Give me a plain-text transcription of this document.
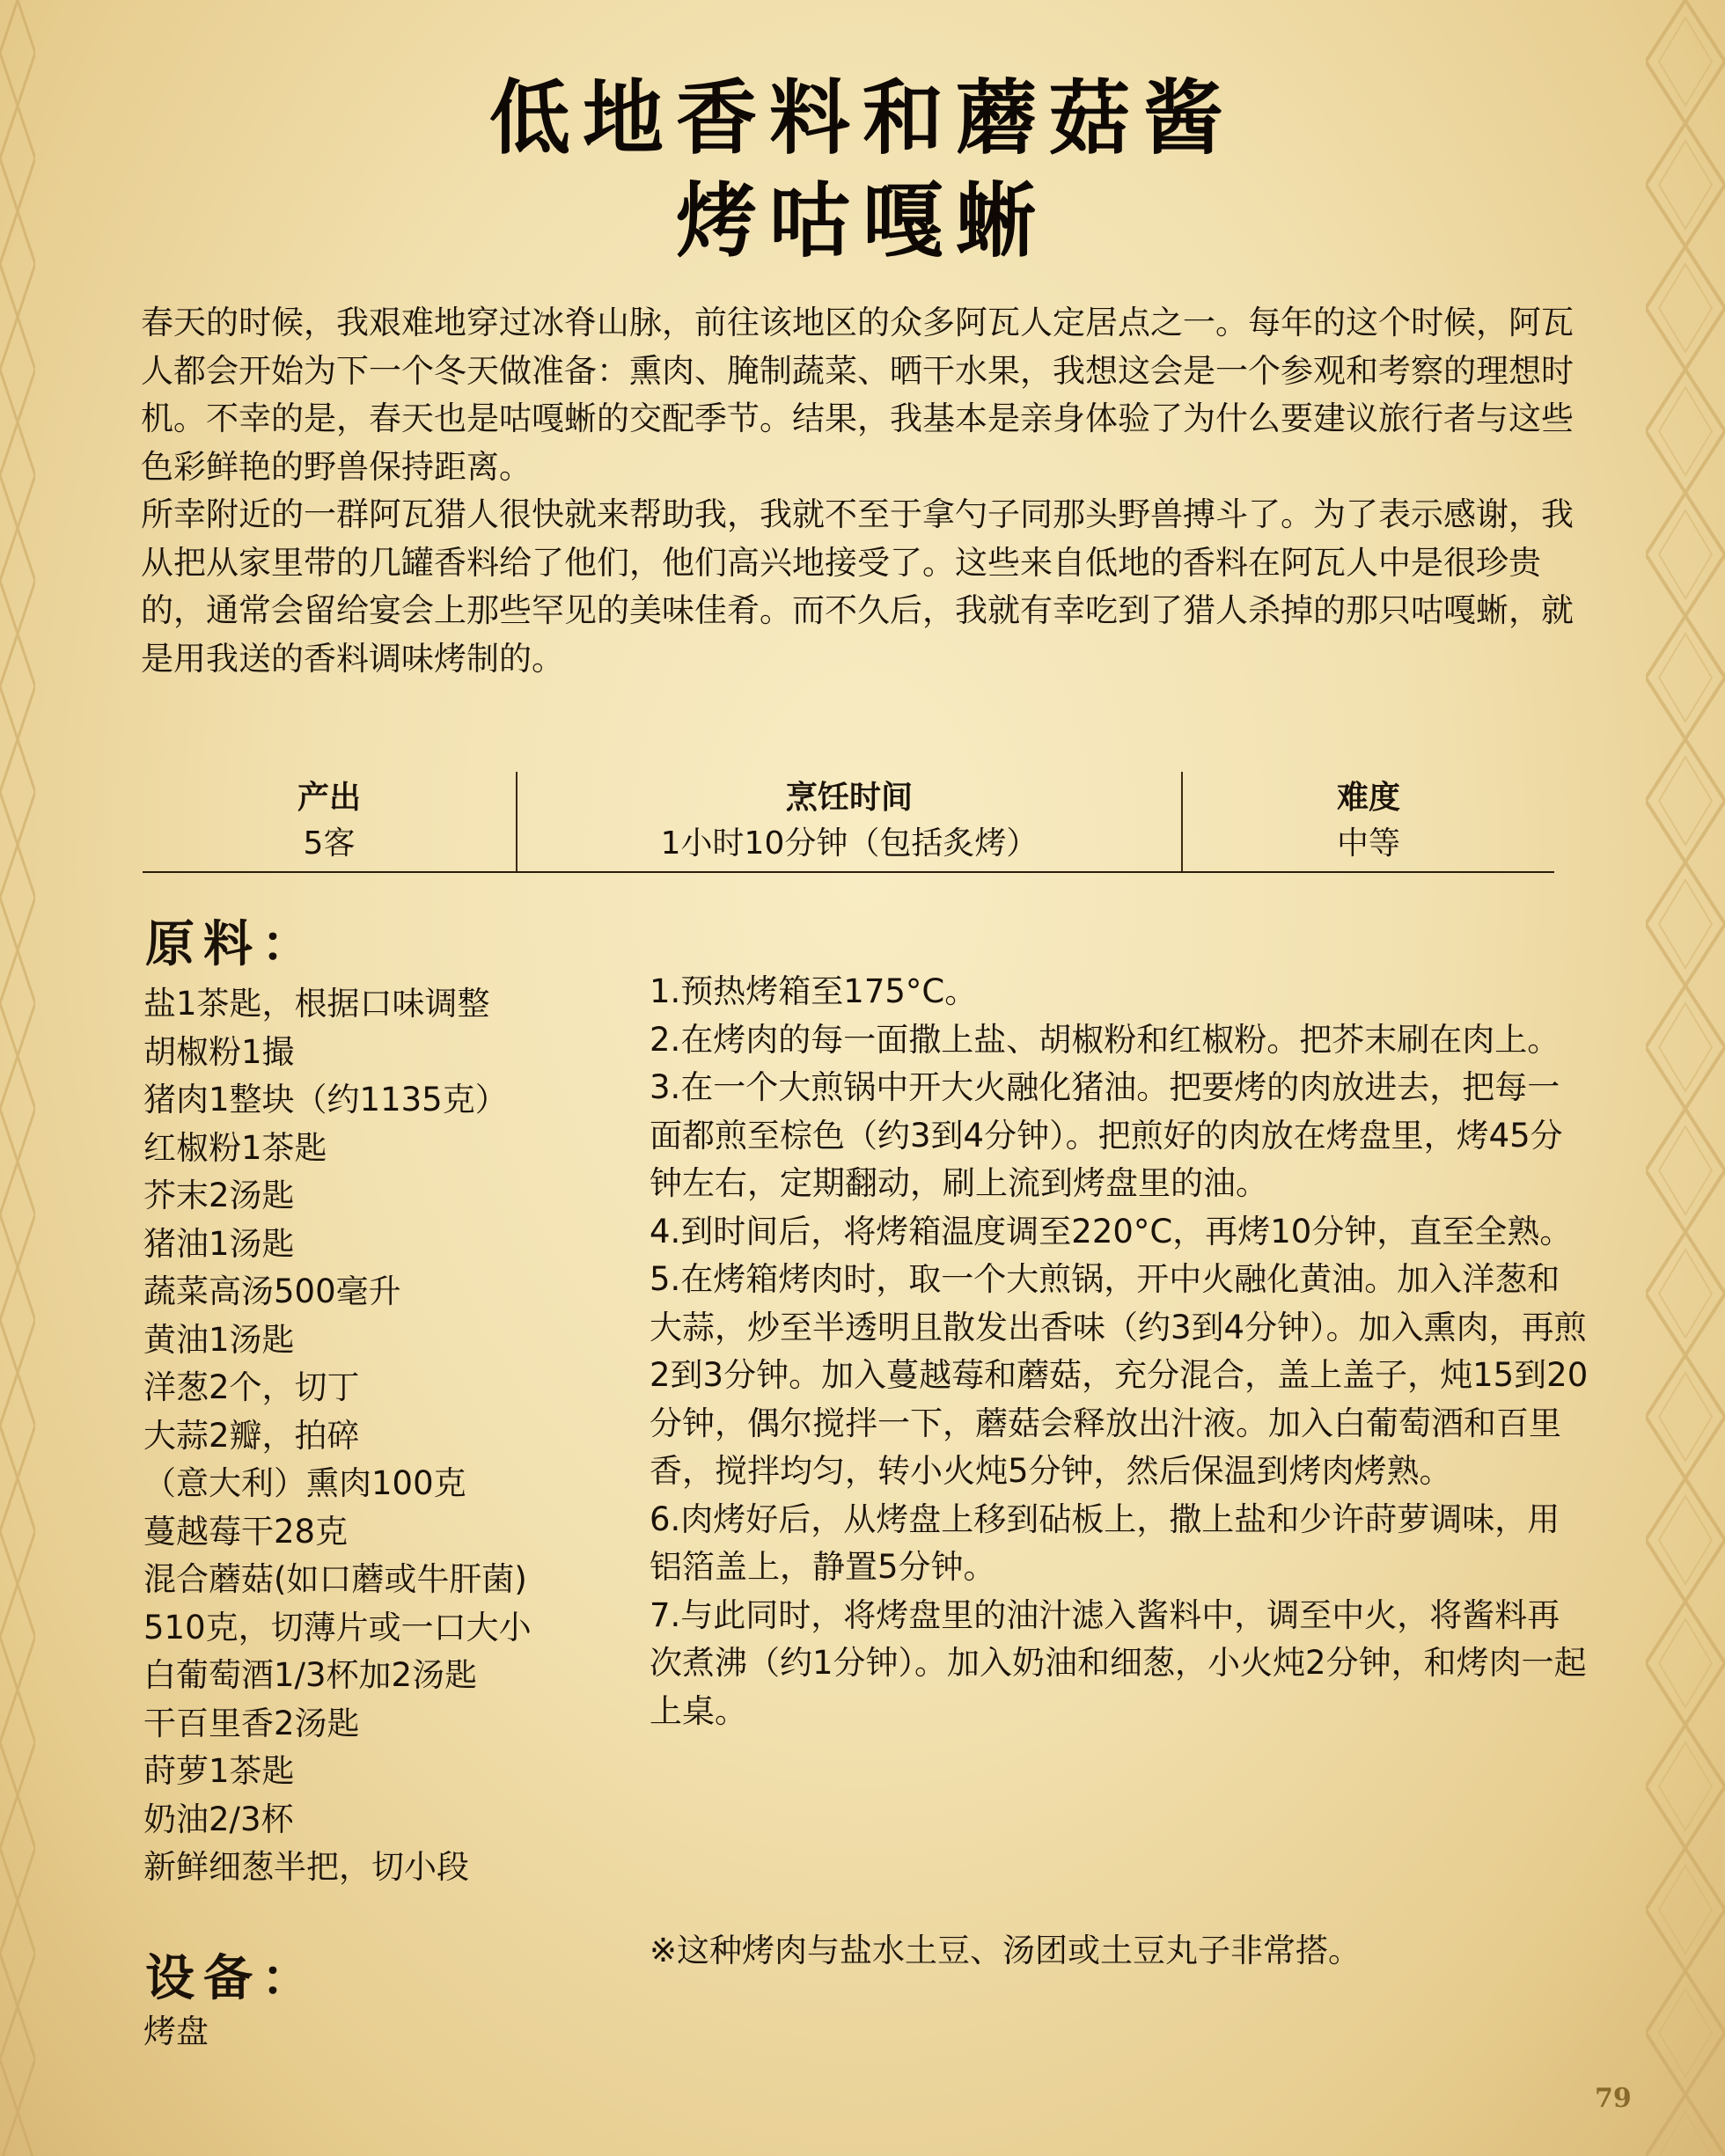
低地香料和蘑菇酱
烤咕嘎蜥

春天的时候，我艰难地穿过冰脊山脉，前往该地区的众多阿瓦人定居点之一。每年的这个时候，阿瓦人都会开始为下一个冬天做准备：熏肉、腌制蔬菜、晒干水果，我想这会是一个参观和考察的理想时机。不幸的是，春天也是咕嘎蜥的交配季节。结果，我基本是亲身体验了为什么要建议旅行者与这些色彩鲜艳的野兽保持距离。

所幸附近的一群阿瓦猎人很快就来帮助我，我就不至于拿勺子同那头野兽搏斗了。为了表示感谢，我从把从家里带的几罐香料给了他们，他们高兴地接受了。这些来自低地的香料在阿瓦人中是很珍贵的，通常会留给宴会上那些罕见的美味佳肴。而不久后，我就有幸吃到了猎人杀掉的那只咕嘎蜥，就是用我送的香料调味烤制的。

产出
5客
烹饪时间
1小时10分钟（包括炙烤）
难度
中等
原料：
盐1茶匙，根据口味调整
胡椒粉1撮
猪肉1整块（约1135克）
红椒粉1茶匙
芥末2汤匙
猪油1汤匙
蔬菜高汤500毫升
黄油1汤匙
洋葱2个，切丁
大蒜2瓣，拍碎
（意大利）熏肉100克
蔓越莓干28克
混合蘑菇(如口蘑或牛肝菌)
510克，切薄片或一口大小
白葡萄酒1/3杯加2汤匙
干百里香2汤匙
莳萝1茶匙
奶油2/3杯
新鲜细葱半把，切小段
设备：
烤盘
1.预热烤箱至175°C。
2.在烤肉的每一面撒上盐、胡椒粉和红椒粉。把芥末刷在肉上。
3.在一个大煎锅中开大火融化猪油。把要烤的肉放进去，把每一面都煎至棕色（约3到4分钟）。把煎好的肉放在烤盘里，烤45分钟左右，定期翻动，刷上流到烤盘里的油。
4.到时间后，将烤箱温度调至220°C，再烤10分钟，直至全熟。
5.在烤箱烤肉时，取一个大煎锅，开中火融化黄油。加入洋葱和大蒜，炒至半透明且散发出香味（约3到4分钟）。加入熏肉，再煎2到3分钟。加入蔓越莓和蘑菇，充分混合，盖上盖子，炖15到20分钟，偶尔搅拌一下，蘑菇会释放出汁液。加入白葡萄酒和百里香，搅拌均匀，转小火炖5分钟，然后保温到烤肉烤熟。
6.肉烤好后，从烤盘上移到砧板上，撒上盐和少许莳萝调味，用铝箔盖上，静置5分钟。
7.与此同时，将烤盘里的油汁滤入酱料中，调至中火，将酱料再次煮沸（约1分钟）。加入奶油和细葱，小火炖2分钟，和烤肉一起上桌。
※这种烤肉与盐水土豆、汤团或土豆丸子非常搭。
79
